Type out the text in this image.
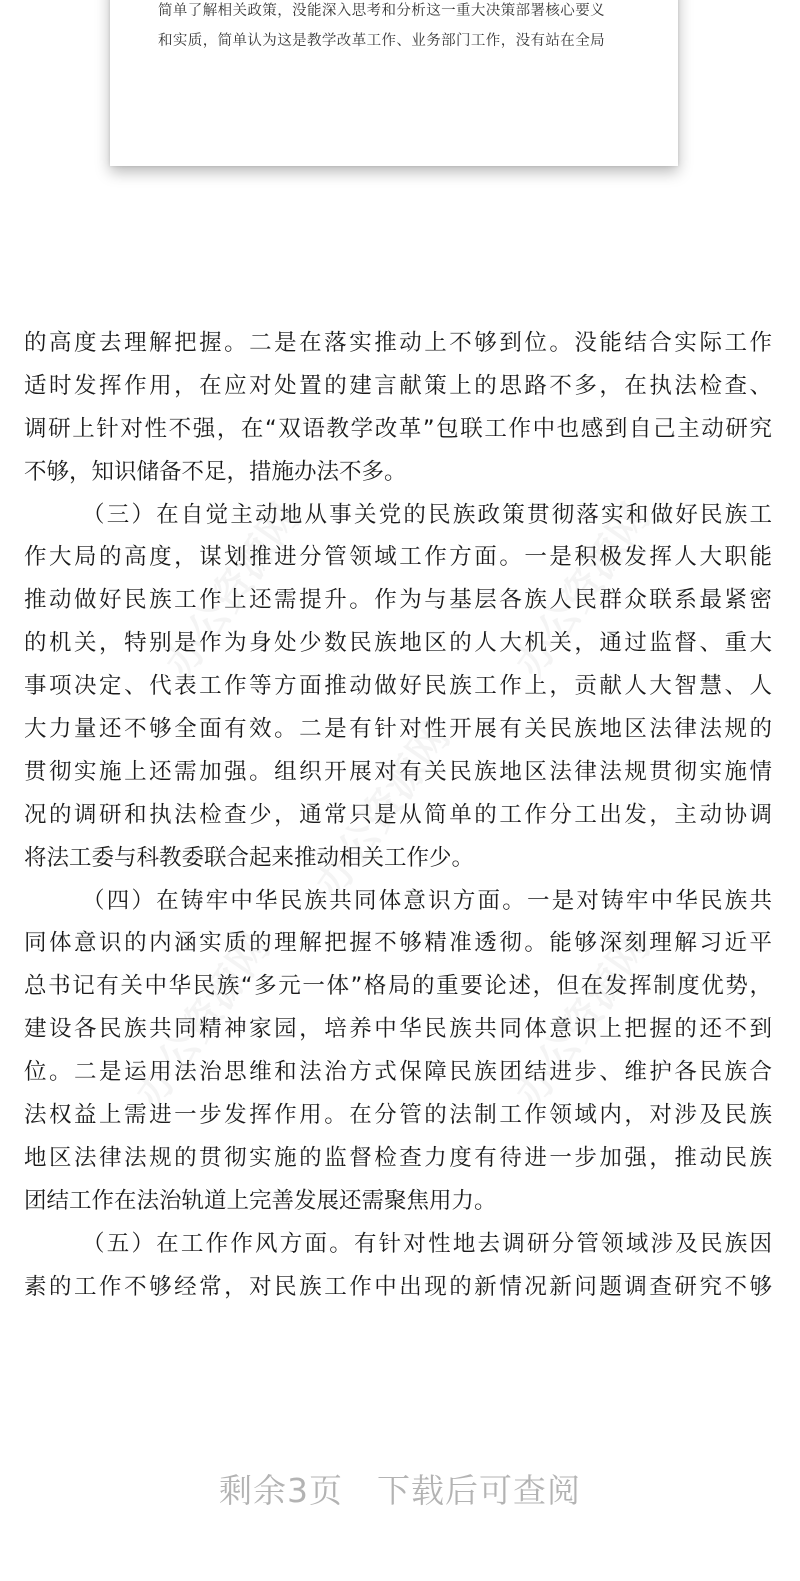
简单了解相关政策，没能深入思考和分析这一重大决策部署核心要义
和实质，简单认为这是教学改革工作、业务部门工作，没有站在全局
的高度去理解把握。二是在落实推动上不够到位。没能结合实际工作
适时发挥作用，在应对处置的建言献策上的思路不多，在执法检查、
调研上针对性不强，在“双语教学改革”包联工作中也感到自己主动研究
不够，知识储备不足，措施办法不多。
（三）在自觉主动地从事关党的民族政策贯彻落实和做好民族工
作大局的高度，谋划推进分管领域工作方面。一是积极发挥人大职能
推动做好民族工作上还需提升。作为与基层各族人民群众联系最紧密
的机关，特别是作为身处少数民族地区的人大机关，通过监督、重大
事项决定、代表工作等方面推动做好民族工作上，贡献人大智慧、人
大力量还不够全面有效。二是有针对性开展有关民族地区法律法规的
贯彻实施上还需加强。组织开展对有关民族地区法律法规贯彻实施情
况的调研和执法检查少，通常只是从简单的工作分工出发，主动协调
将法工委与科教委联合起来推动相关工作少。
（四）在铸牢中华民族共同体意识方面。一是对铸牢中华民族共
同体意识的内涵实质的理解把握不够精准透彻。能够深刻理解习近平
总书记有关中华民族“多元一体”格局的重要论述，但在发挥制度优势，
建设各民族共同精神家园，培养中华民族共同体意识上把握的还不到
位。二是运用法治思维和法治方式保障民族团结进步、维护各民族合
法权益上需进一步发挥作用。在分管的法制工作领域内，对涉及民族
地区法律法规的贯彻实施的监督检查力度有待进一步加强，推动民族
团结工作在法治轨道上完善发展还需聚焦用力。
（五）在工作作风方面。有针对性地去调研分管领域涉及民族因
素的工作不够经常，对民族工作中出现的新情况新问题调查研究不够
剩余3页 下载后可查阅
